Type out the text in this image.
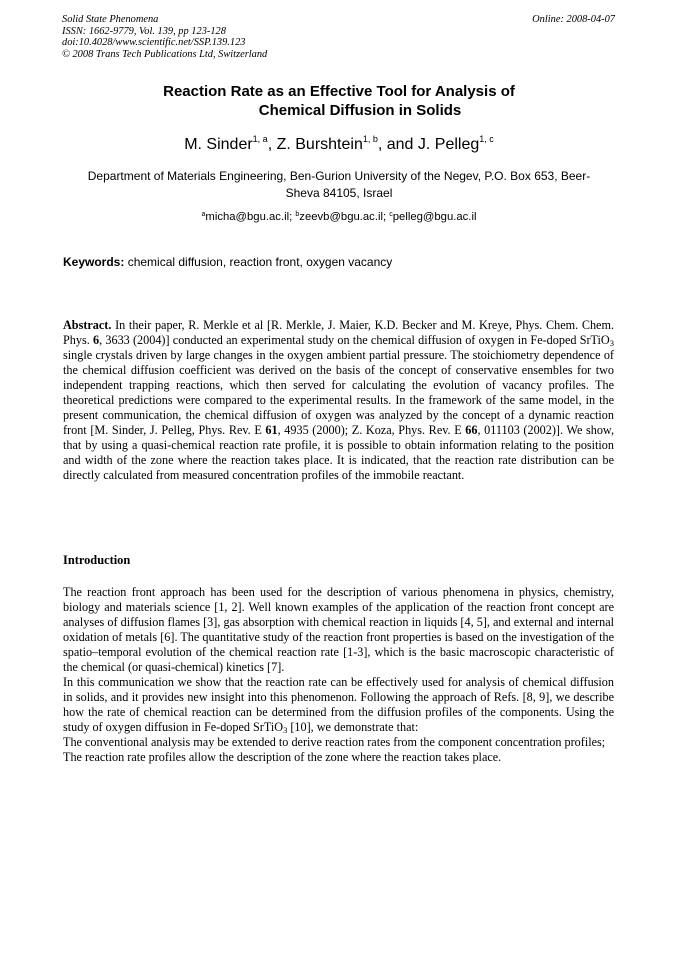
Solid State Phenomena
ISSN: 1662-9779, Vol. 139, pp 123-128
doi:10.4028/www.scientific.net/SSP.139.123
© 2008 Trans Tech Publications Ltd, Switzerland
Online: 2008-04-07
Reaction Rate as an Effective Tool for Analysis of
Chemical Diffusion in Solids
M. Sinder$^{1, a}$, Z. Burshtein$^{1, b}$, and J. Pelleg$^{1, c}$
Department of Materials Engineering, Ben-Gurion University of the Negev, P.O. Box 653, Beer-Sheva 84105, Israel
$^a$micha@bgu.ac.il; $^b$zeevb@bgu.ac.il; $^c$pelleg@bgu.ac.il
Keywords: chemical diffusion, reaction front, oxygen vacancy
Abstract. In their paper, R. Merkle et al [R. Merkle, J. Maier, K.D. Becker and M. Kreye, Phys. Chem. Chem. Phys. 6, 3633 (2004)] conducted an experimental study on the chemical diffusion of oxygen in Fe-doped SrTiO$_3$ single crystals driven by large changes in the oxygen ambient partial pressure. The stoichiometry dependence of the chemical diffusion coefficient was derived on the basis of the concept of conservative ensembles for two independent trapping reactions, which then served for calculating the evolution of vacancy profiles. The theoretical predictions were compared to the experimental results. In the framework of the same model, in the present communication, the chemical diffusion of oxygen was analyzed by the concept of a dynamic reaction front [M. Sinder, J. Pelleg, Phys. Rev. E 61, 4935 (2000); Z. Koza, Phys. Rev. E 66, 011103 (2002)]. We show, that by using a quasi-chemical reaction rate profile, it is possible to obtain information relating to the position and width of the zone where the reaction takes place. It is indicated, that the reaction rate distribution can be directly calculated from measured concentration profiles of the immobile reactant.
Introduction

The reaction front approach has been used for the description of various phenomena in physics, chemistry, biology and materials science [1, 2]. Well known examples of the application of the reaction front concept are analyses of diffusion flames [3], gas absorption with chemical reaction in liquids [4, 5], and external and internal oxidation of metals [6]. The quantitative study of the reaction front properties is based on the investigation of the spatio–temporal evolution of the chemical reaction rate [1-3], which is the basic macroscopic characteristic of the chemical (or quasi-chemical) kinetics [7].

In this communication we show that the reaction rate can be effectively used for analysis of chemical diffusion in solids, and it provides new insight into this phenomenon. Following the approach of Refs. [8, 9], we describe how the rate of chemical reaction can be determined from the diffusion profiles of the components. Using the study of oxygen diffusion in Fe-doped SrTiO$_3$ [10], we demonstrate that:

The conventional analysis may be extended to derive reaction rates from the component concentration profiles;

The reaction rate profiles allow the description of the zone where the reaction takes place.
